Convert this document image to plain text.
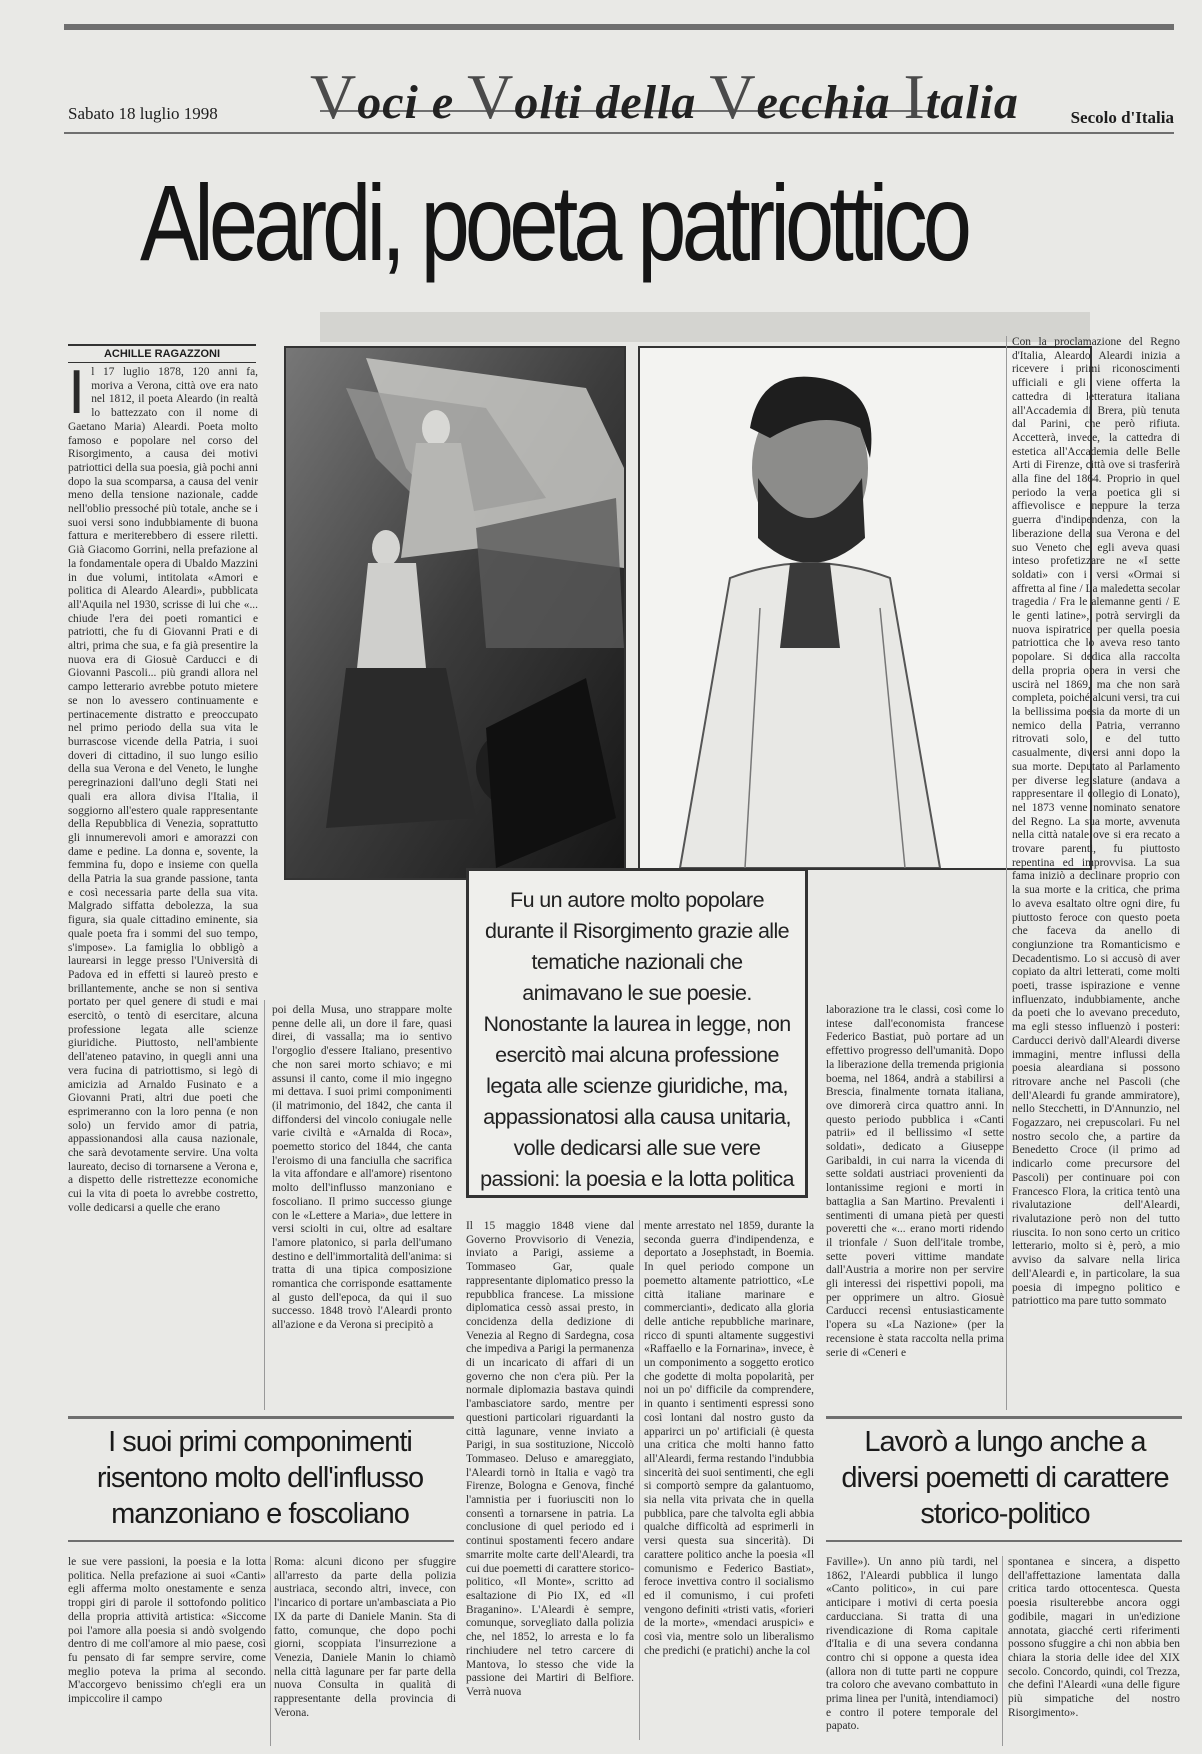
Voci e Volti della Vecchia Italia
Sabato 18 luglio 1998	Secolo d'Italia
Aleardi, poeta patriottico
ACHILLE RAGAZZONI
Il 17 luglio 1878, 120 anni fa, moriva a Verona, città ove era nato nel 1812, il poeta Aleardo (in realtà lo battezzato con il nome di Gaetano Maria) Aleardi. Poeta molto famoso e popolare nel corso del Risorgimento, a causa dei motivi patriottici della sua poesia, già pochi anni dopo la sua scomparsa, a causa del venir meno della tensione nazionale, cadde nell'oblio pressoché più totale, anche se i suoi versi sono indubbiamente di buona fattura e meriterebbero di essere riletti. Già Giacomo Gorrini, nella prefazione al la fondamentale opera di Ubaldo Mazzini in due volumi, intitolata «Amori e politica di Aleardo Aleardi», pubblicata all'Aquila nel 1930, scrisse di lui che «... chiude l'era dei poeti romantici e patriotti, che fu di Giovanni Prati e di altri, prima che sua, e fa già presentire la nuova era di Giosuè Carducci e di Giovanni Pascoli... più grandi allora nel campo letterario avrebbe potuto mietere se non lo avessero continuamente e pertinacemente distratto e preoccupato nel primo periodo della sua vita le burrascose vicende della Patria, i suoi doveri di cittadino, il suo lungo esilio della sua Verona e del Veneto, le lunghe peregrinazioni dall'uno degli Stati nei quali era allora divisa l'Italia, il soggiorno all'estero quale rappresentante della Repubblica di Venezia, soprattutto gli innumerevoli amori e amorazzi con dame e pedine. La donna e, sovente, la femmina fu, dopo e insieme con quella della Patria la sua grande passione, tanta e così necessaria parte della sua vita. Malgrado siffatta debolezza, la sua figura, sia quale cittadino eminente, sia quale poeta fra i sommi del suo tempo, s'impose». La famiglia lo obbligò a laurearsi in legge presso l'Università di Padova ed in effetti si laureò presto e brillantemente, anche se non si sentiva portato per quel genere di studi e mai esercitò, o tentò di esercitare, alcuna professione legata alle scienze giuridiche. Piuttosto, nell'ambiente dell'ateneo patavino, in quegli anni una vera fucina di patriottismo, si legò di amicizia ad Arnaldo Fusinato e a Giovanni Prati, altri due poeti che esprimeranno con la loro penna (e non solo) un fervido amor di patria, appassionandosi alla causa nazionale, che sarà devotamente servire. Una volta laureato, deciso di tornarsene a Verona e, a dispetto delle ristrettezze economiche cui la vita di poeta lo avrebbe costretto, volle dedicarsi a quelle che erano
Fu un autore molto popolare durante il Risorgimento grazie alle tematiche nazionali che animavano le sue poesie. Nonostante la laurea in legge, non esercitò mai alcuna professione legata alle scienze giuridiche, ma, appassionatosi alla causa unitaria, volle dedicarsi alle sue vere passioni: la poesia e la lotta politica
poi della Musa, uno strappare molte penne delle ali, un dore il fare, quasi direi, di vassalla; ma io sentivo l'orgoglio d'essere Italiano, presentivo che non sarei morto schiavo; e mi assunsi il canto, come il mio ingegno mi dettava. I suoi primi componimenti (il matrimonio, del 1842, che canta il diffondersi del vincolo coniugale nelle varie civiltà e «Arnalda di Roca», poemetto storico del 1844, che canta l'eroismo di una fanciulla che sacrifica la vita affondare e all'amore) risentono molto dell'influsso manzoniano e foscoliano. Il primo successo giunge con le «Lettere a Maria», due lettere in versi sciolti in cui, oltre ad esaltare l'amore platonico, si parla dell'umano destino e dell'immortalità dell'anima: si tratta di una tipica composizione romantica che corrisponde esattamente al gusto dell'epoca, da qui il suo successo. 1848 trovò l'Aleardi pronto all'azione e da Verona si precipitò a
laborazione tra le classi, così come lo intese dall'economista francese Federico Bastiat, può portare ad un effettivo progresso dell'umanità. Dopo la liberazione della tremenda prigionia boema, nel 1864, andrà a stabilirsi a Brescia, finalmente tornata italiana, ove dimorerà circa quattro anni. In questo periodo pubblica i «Canti patrii» ed il bellissimo «I sette soldati», dedicato a Giuseppe Garibaldi, in cui narra la vicenda di sette soldati austriaci provenienti da lontanissime regioni e morti in battaglia a San Martino. Prevalenti i sentimenti di umana pietà per questi poveretti che «... erano morti ridendo il trionfale / Suon dell'itale trombe, sette poveri vittime mandate dall'Austria a morire non per servire gli interessi dei rispettivi popoli, ma per opprimere un altro. Giosuè Carducci recensì entusiasticamente l'opera su «La Nazione» (per la recensione è stata raccolta nella prima serie di «Ceneri e
Con la proclamazione del Regno d'Italia, Aleardo Aleardi inizia a ricevere i primi riconoscimenti ufficiali e gli viene offerta la cattedra di letteratura italiana all'Accademia di Brera, più tenuta dal Parini, che però rifiuta. Accetterà, invece, la cattedra di estetica all'Accademia delle Belle Arti di Firenze, città ove si trasferirà alla fine del 1864. Proprio in quel periodo la vena poetica gli si affievolisce e neppure la terza guerra d'indipendenza, con la liberazione della sua Verona e del suo Veneto che egli aveva quasi inteso profetizzare ne «I sette soldati» con i versi «Ormai si affretta al fine / La maledetta secolar tragedia / Fra le alemanne genti / E le genti latine», potrà servirgli da nuova ispiratrice per quella poesia patriottica che lo aveva reso tanto popolare. Si dedica alla raccolta della propria opera in versi che uscirà nel 1869, ma che non sarà completa, poiché alcuni versi, tra cui la bellissima poesia da morte di un nemico della Patria, verranno ritrovati solo, e del tutto casualmente, diversi anni dopo la sua morte. Deputato al Parlamento per diverse legislature (andava a rappresentare il collegio di Lonato), nel 1873 venne nominato senatore del Regno. La sua morte, avvenuta nella città natale ove si era recato a trovare parenti, fu piuttosto repentina ed improvvisa. La sua fama iniziò a declinare proprio con la sua morte e la critica, che prima lo aveva esaltato oltre ogni dire, fu piuttosto feroce con questo poeta che faceva da anello di congiunzione tra Romanticismo e Decadentismo. Lo si accusò di aver copiato da altri letterati, come molti poeti, trasse ispirazione e venne influenzato, indubbiamente, anche da poeti che lo avevano preceduto, ma egli stesso influenzò i posteri: Carducci derivò dall'Aleardi diverse immagini, mentre influssi della poesia aleardiana si possono ritrovare anche nel Pascoli (che dell'Aleardi fu grande ammiratore), nello Stecchetti, in D'Annunzio, nel Fogazzaro, nei crepuscolari. Fu nel nostro secolo che, a partire da Benedetto Croce (il primo ad indicarlo come precursore del Pascoli) per continuare poi con Francesco Flora, la critica tentò una rivalutazione dell'Aleardi, rivalutazione però non del tutto riuscita. Io non sono certo un critico letterario, molto si è, però, a mio avviso da salvare nella lirica dell'Aleardi e, in particolare, la sua poesia di impegno politico e patriottico ma pare tutto sommato
Il 15 maggio 1848 viene dal Governo Provvisorio di Venezia, inviato a Parigi, assieme a Tommaseo Gar, quale rappresentante diplomatico presso la repubblica francese. La missione diplomatica cessò assai presto, in concidenza della dedizione di Venezia al Regno di Sardegna, cosa che impediva a Parigi la permanenza di un incaricato di affari di un governo che non c'era più. Per la normale diplomazia bastava quindi l'ambasciatore sardo, mentre per questioni particolari riguardanti la città lagunare, venne inviato a Parigi, in sua sostituzione, Niccolò Tommaseo. Deluso e amareggiato, l'Aleardi tornò in Italia e vagò tra Firenze, Bologna e Genova, finché l'amnistia per i fuoriusciti non lo consentì a tornarsene in patria. La conclusione di quel periodo ed i continui spostamenti fecero andare smarrite molte carte dell'Aleardi, tra cui due poemetti di carattere storico-politico, «Il Monte», scritto ad esaltazione di Pio IX, ed «Il Braganino». L'Aleardi è sempre, comunque, sorvegliato dalla polizia che, nel 1852, lo arresta e lo fa rinchiudere nel tetro carcere di Mantova, lo stesso che vide la passione dei Martiri di Belfiore. Verrà nuova
mente arrestato nel 1859, durante la seconda guerra d'indipendenza, e deportato a Josephstadt, in Boemia. In quel periodo compone un poemetto altamente patriottico, «Le città italiane marinare e commercianti», dedicato alla gloria delle antiche repubbliche marinare, ricco di spunti altamente suggestivi «Raffaello e la Fornarina», invece, è un componimento a soggetto erotico che godette di molta popolarità, per noi un po' difficile da comprendere, in quanto i sentimenti espressi sono così lontani dal nostro gusto da apparirci un po' artificiali (è questa una critica che molti hanno fatto all'Aleardi, ferma restando l'indubbia sincerità dei suoi sentimenti, che egli si comportò sempre da galantuomo, sia nella vita privata che in quella pubblica, pare che talvolta egli abbia qualche difficoltà ad esprimerli in versi questa sua sincerità). Di carattere politico anche la poesia «Il comunismo e Federico Bastiat», feroce invettiva contro il socialismo ed il comunismo, i cui profeti vengono definiti «tristi vatis, «forieri de la morte», «mendaci aruspici» e così via, mentre solo un liberalismo che predichi (e pratichi) anche la col
I suoi primi componimenti risentono molto dell'influsso manzoniano e foscoliano
Lavorò a lungo anche a diversi poemetti di carattere storico-politico
le sue vere passioni, la poesia e la lotta politica. Nella prefazione ai suoi «Canti» egli afferma molto onestamente e senza troppi giri di parole il sottofondo politico della propria attività artistica: «Siccome poi l'amore alla poesia si andò svolgendo dentro di me coll'amore al mio paese, così fu pensato di far sempre servire, come meglio poteva la prima al secondo. M'accorgevo benissimo ch'egli era un impiccolire il campo
Roma: alcuni dicono per sfuggire all'arresto da parte della polizia austriaca, secondo altri, invece, con l'incarico di portare un'ambasciata a Pio IX da parte di Daniele Manin. Sta di fatto, comunque, che dopo pochi giorni, scoppiata l'insurrezione a Venezia, Daniele Manin lo chiamò nella città lagunare per far parte della nuova Consulta in qualità di rappresentante della provincia di Verona.
Faville»). Un anno più tardi, nel 1862, l'Aleardi pubblica il lungo «Canto politico», in cui pare anticipare i motivi di certa poesia carducciana. Si tratta di una rivendicazione di Roma capitale d'Italia e di una severa condanna contro chi si oppone a questa idea (allora non di tutte parti ne coppure tra coloro che avevano combattuto in prima linea per l'unità, intendiamoci) e contro il potere temporale del papato.
spontanea e sincera, a dispetto dell'affettazione lamentata dalla critica tardo ottocentesca. Questa poesia risulterebbe ancora oggi godibile, magari in un'edizione annotata, giacché certi riferimenti possono sfuggire a chi non abbia ben chiara la storia delle idee del XIX secolo. Concordo, quindi, col Trezza, che definì l'Aleardi «una delle figure più simpatiche del nostro Risorgimento».
